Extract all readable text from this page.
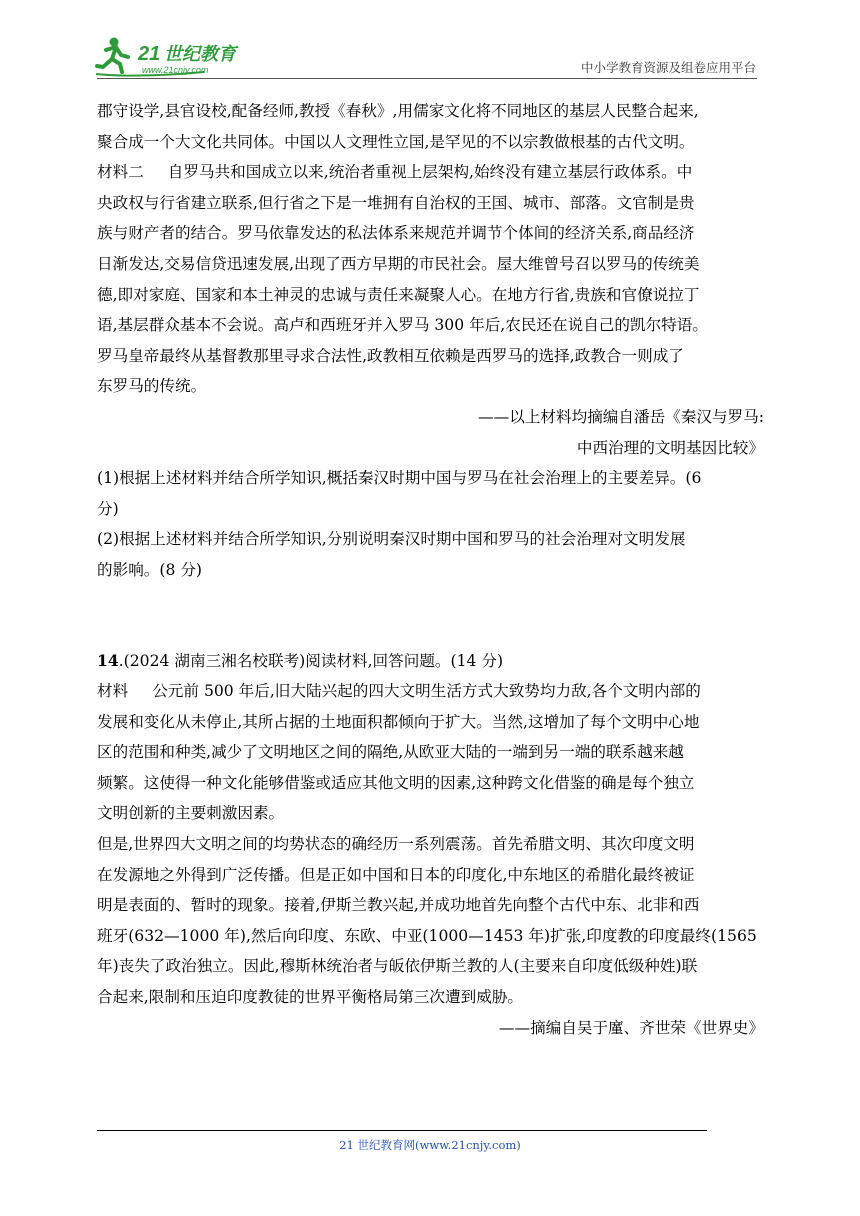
21 世纪教育
www.21cnjy.com	中小学教育资源及组卷应用平台

郡守设学,县官设校,配备经师,教授《春秋》,用儒家文化将不同地区的基层人民整合起来,

聚合成一个大文化共同体。中国以人文理性立国,是罕见的不以宗教做根基的古代文明。

材料二 自罗马共和国成立以来,统治者重视上层架构,始终没有建立基层行政体系。中

央政权与行省建立联系,但行省之下是一堆拥有自治权的王国、城市、部落。文官制是贵

族与财产者的结合。罗马依靠发达的私法体系来规范并调节个体间的经济关系,商品经济

日渐发达,交易信贷迅速发展,出现了西方早期的市民社会。屋大维曾号召以罗马的传统美

德,即对家庭、国家和本土神灵的忠诚与责任来凝聚人心。在地方行省,贵族和官僚说拉丁

语,基层群众基本不会说。高卢和西班牙并入罗马 300 年后,农民还在说自己的凯尔特语。

罗马皇帝最终从基督教那里寻求合法性,政教相互依赖是西罗马的选择,政教合一则成了

东罗马的传统。

——以上材料均摘编自潘岳《秦汉与罗马:

中西治理的文明基因比较》

(1)根据上述材料并结合所学知识,概括秦汉时期中国与罗马在社会治理上的主要差异。(6

分)

(2)根据上述材料并结合所学知识,分别说明秦汉时期中国和罗马的社会治理对文明发展

的影响。(8 分)

14.(2024 湖南三湘名校联考)阅读材料,回答问题。(14 分)

材料 公元前 500 年后,旧大陆兴起的四大文明生活方式大致势均力敌,各个文明内部的

发展和变化从未停止,其所占据的土地面积都倾向于扩大。当然,这增加了每个文明中心地

区的范围和种类,减少了文明地区之间的隔绝,从欧亚大陆的一端到另一端的联系越来越

频繁。这使得一种文化能够借鉴或适应其他文明的因素,这种跨文化借鉴的确是每个独立

文明创新的主要刺激因素。

但是,世界四大文明之间的均势状态的确经历一系列震荡。首先希腊文明、其次印度文明

在发源地之外得到广泛传播。但是正如中国和日本的印度化,中东地区的希腊化最终被证

明是表面的、暂时的现象。接着,伊斯兰教兴起,并成功地首先向整个古代中东、北非和西

班牙(632—1000 年),然后向印度、东欧、中亚(1000—1453 年)扩张,印度教的印度最终(1565

年)丧失了政治独立。因此,穆斯林统治者与皈依伊斯兰教的人(主要来自印度低级种姓)联

合起来,限制和压迫印度教徒的世界平衡格局第三次遭到威胁。

——摘编自吴于廑、齐世荣《世界史》

21 世纪教育网(www.21cnjy.com)
